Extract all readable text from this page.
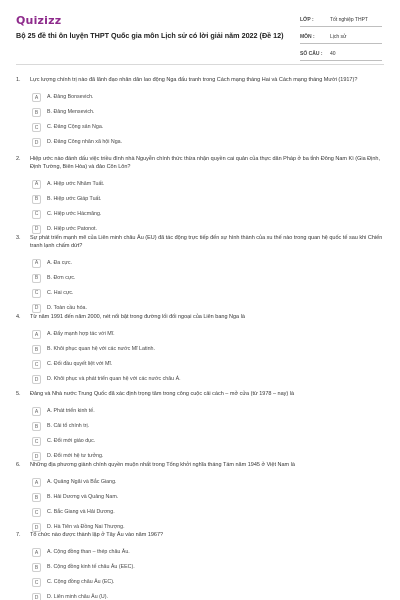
Quizizz
Bộ 25 đề thi ôn luyện THPT Quốc gia môn Lịch sử có lời giải năm 2022 (Đề 12)
LỚP :	Tốt nghiệp THPT
MÔN :	Lịch sử
SỐ CÂU :	40
1. Lực lượng chính trị nào đã lãnh đạo nhân dân lao động Nga đấu tranh trong Cách mạng tháng Hai và Cách mạng tháng Mười (1917)?
A	A. Đảng Bonsevich.
B	B. Đảng Mensevich.
C	C. Đảng Cộng sản Nga.
D	D. Đảng Công nhân xã hội Nga.
2. Hiệp ước nào đánh dấu việc triều đình nhà Nguyễn chính thức thừa nhận quyền cai quản của thực dân Pháp ở ba tỉnh Đông Nam Kì (Gia Định, Định Tường, Biên Hòa) và đảo Côn Lôn?
A	A. Hiệp ước Nhâm Tuất.
B	B. Hiệp ước Giáp Tuất.
C	C. Hiệp ước Hácmăng.
D	D. Hiệp ước Patonot.
3. Sự phát triển mạnh mẽ của Liên minh châu Âu (EU) đã tác động trực tiếp đến sự hình thành của xu thế nào trong quan hệ quốc tế sau khi Chiến tranh lạnh chấm dứt?
A	A. Đa cực.
B	B. Đơn cực.
C	C. Hai cực.
D	D. Toàn cầu hóa.
4. Từ năm 1991 đến năm 2000, nét nổi bật trong đường lối đối ngoại của Liên bang Nga là
A	A. Đẩy mạnh hợp tác với Mĩ.
B	B. Khôi phục quan hệ với các nước Mĩ Latinh.
C	C. Đối đầu quyết liệt với Mĩ.
D	D. Khôi phục và phát triển quan hệ với các nước châu Á.
5. Đảng và Nhà nước Trung Quốc đã xác định trọng tâm trong công cuộc cải cách – mở cửa (từ 1978 – nay) là
A	A. Phát triển kinh tế.
B	B. Cải tổ chính trị.
C	C. Đổi mới giáo dục.
D	D. Đổi mới hệ tư tưởng.
6. Những địa phương giành chính quyền muộn nhất trong Tổng khởi nghĩa tháng Tám năm 1945 ở Việt Nam là
A	A. Quảng Ngãi và Bắc Giang.
B	B. Hải Dương và Quảng Nam.
C	C. Bắc Giang và Hải Dương.
D	D. Hà Tiên và Đồng Nai Thượng.
7. Tổ chức nào được thành lập ở Tây Âu vào năm 1967?
A	A. Cộng đồng than – thép châu Âu.
B	B. Cộng đồng kinh tế châu Âu (EEC).
C	C. Cộng đồng châu Âu (EC).
D	D. Liên minh châu Âu (U).
